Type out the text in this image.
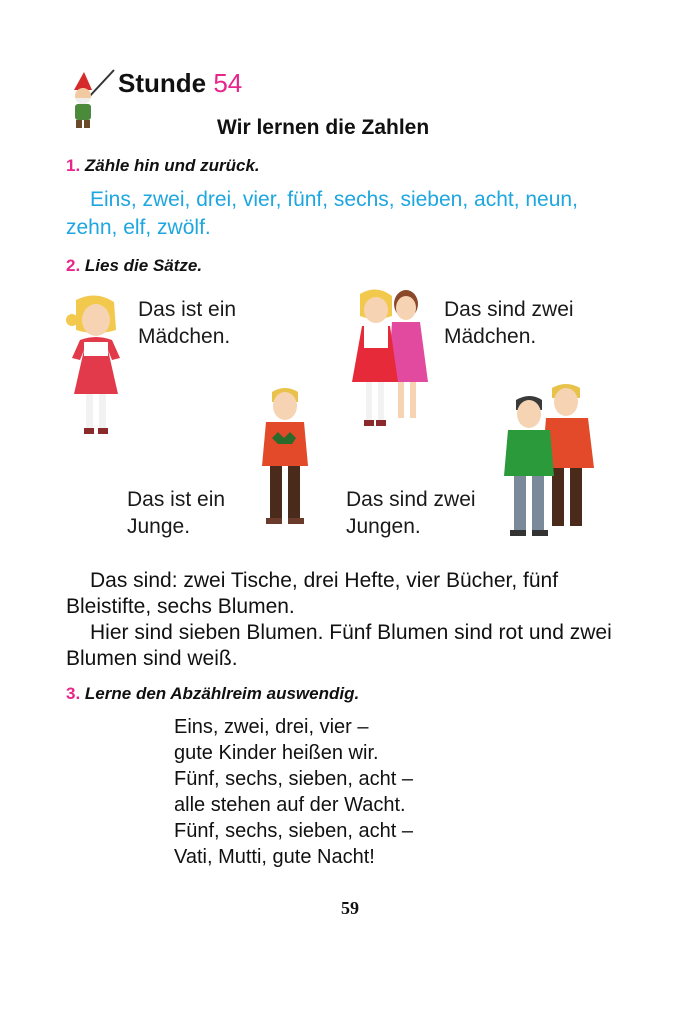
Stunde 54
Wir lernen die Zahlen
1. Zähle hin und zurück.
Eins, zwei, drei, vier, fünf, sechs, sieben, acht, neun, zehn, elf, zwölf.
2. Lies die Sätze.
Das ist ein
Mädchen.
Das sind zwei
Mädchen.
Das ist ein
Junge.
Das sind zwei
Jungen.
Das sind: zwei Tische, drei Hefte, vier Bücher, fünf Bleistifte, sechs Blumen.
Hier sind sieben Blumen. Fünf Blumen sind rot und zwei Blumen sind weiß.
3. Lerne den Abzählreim auswendig.
Eins, zwei, drei, vier –
gute Kinder heißen wir.
Fünf, sechs, sieben, acht –
alle stehen auf der Wacht.
Fünf, sechs, sieben, acht –
Vati, Mutti, gute Nacht!
59
